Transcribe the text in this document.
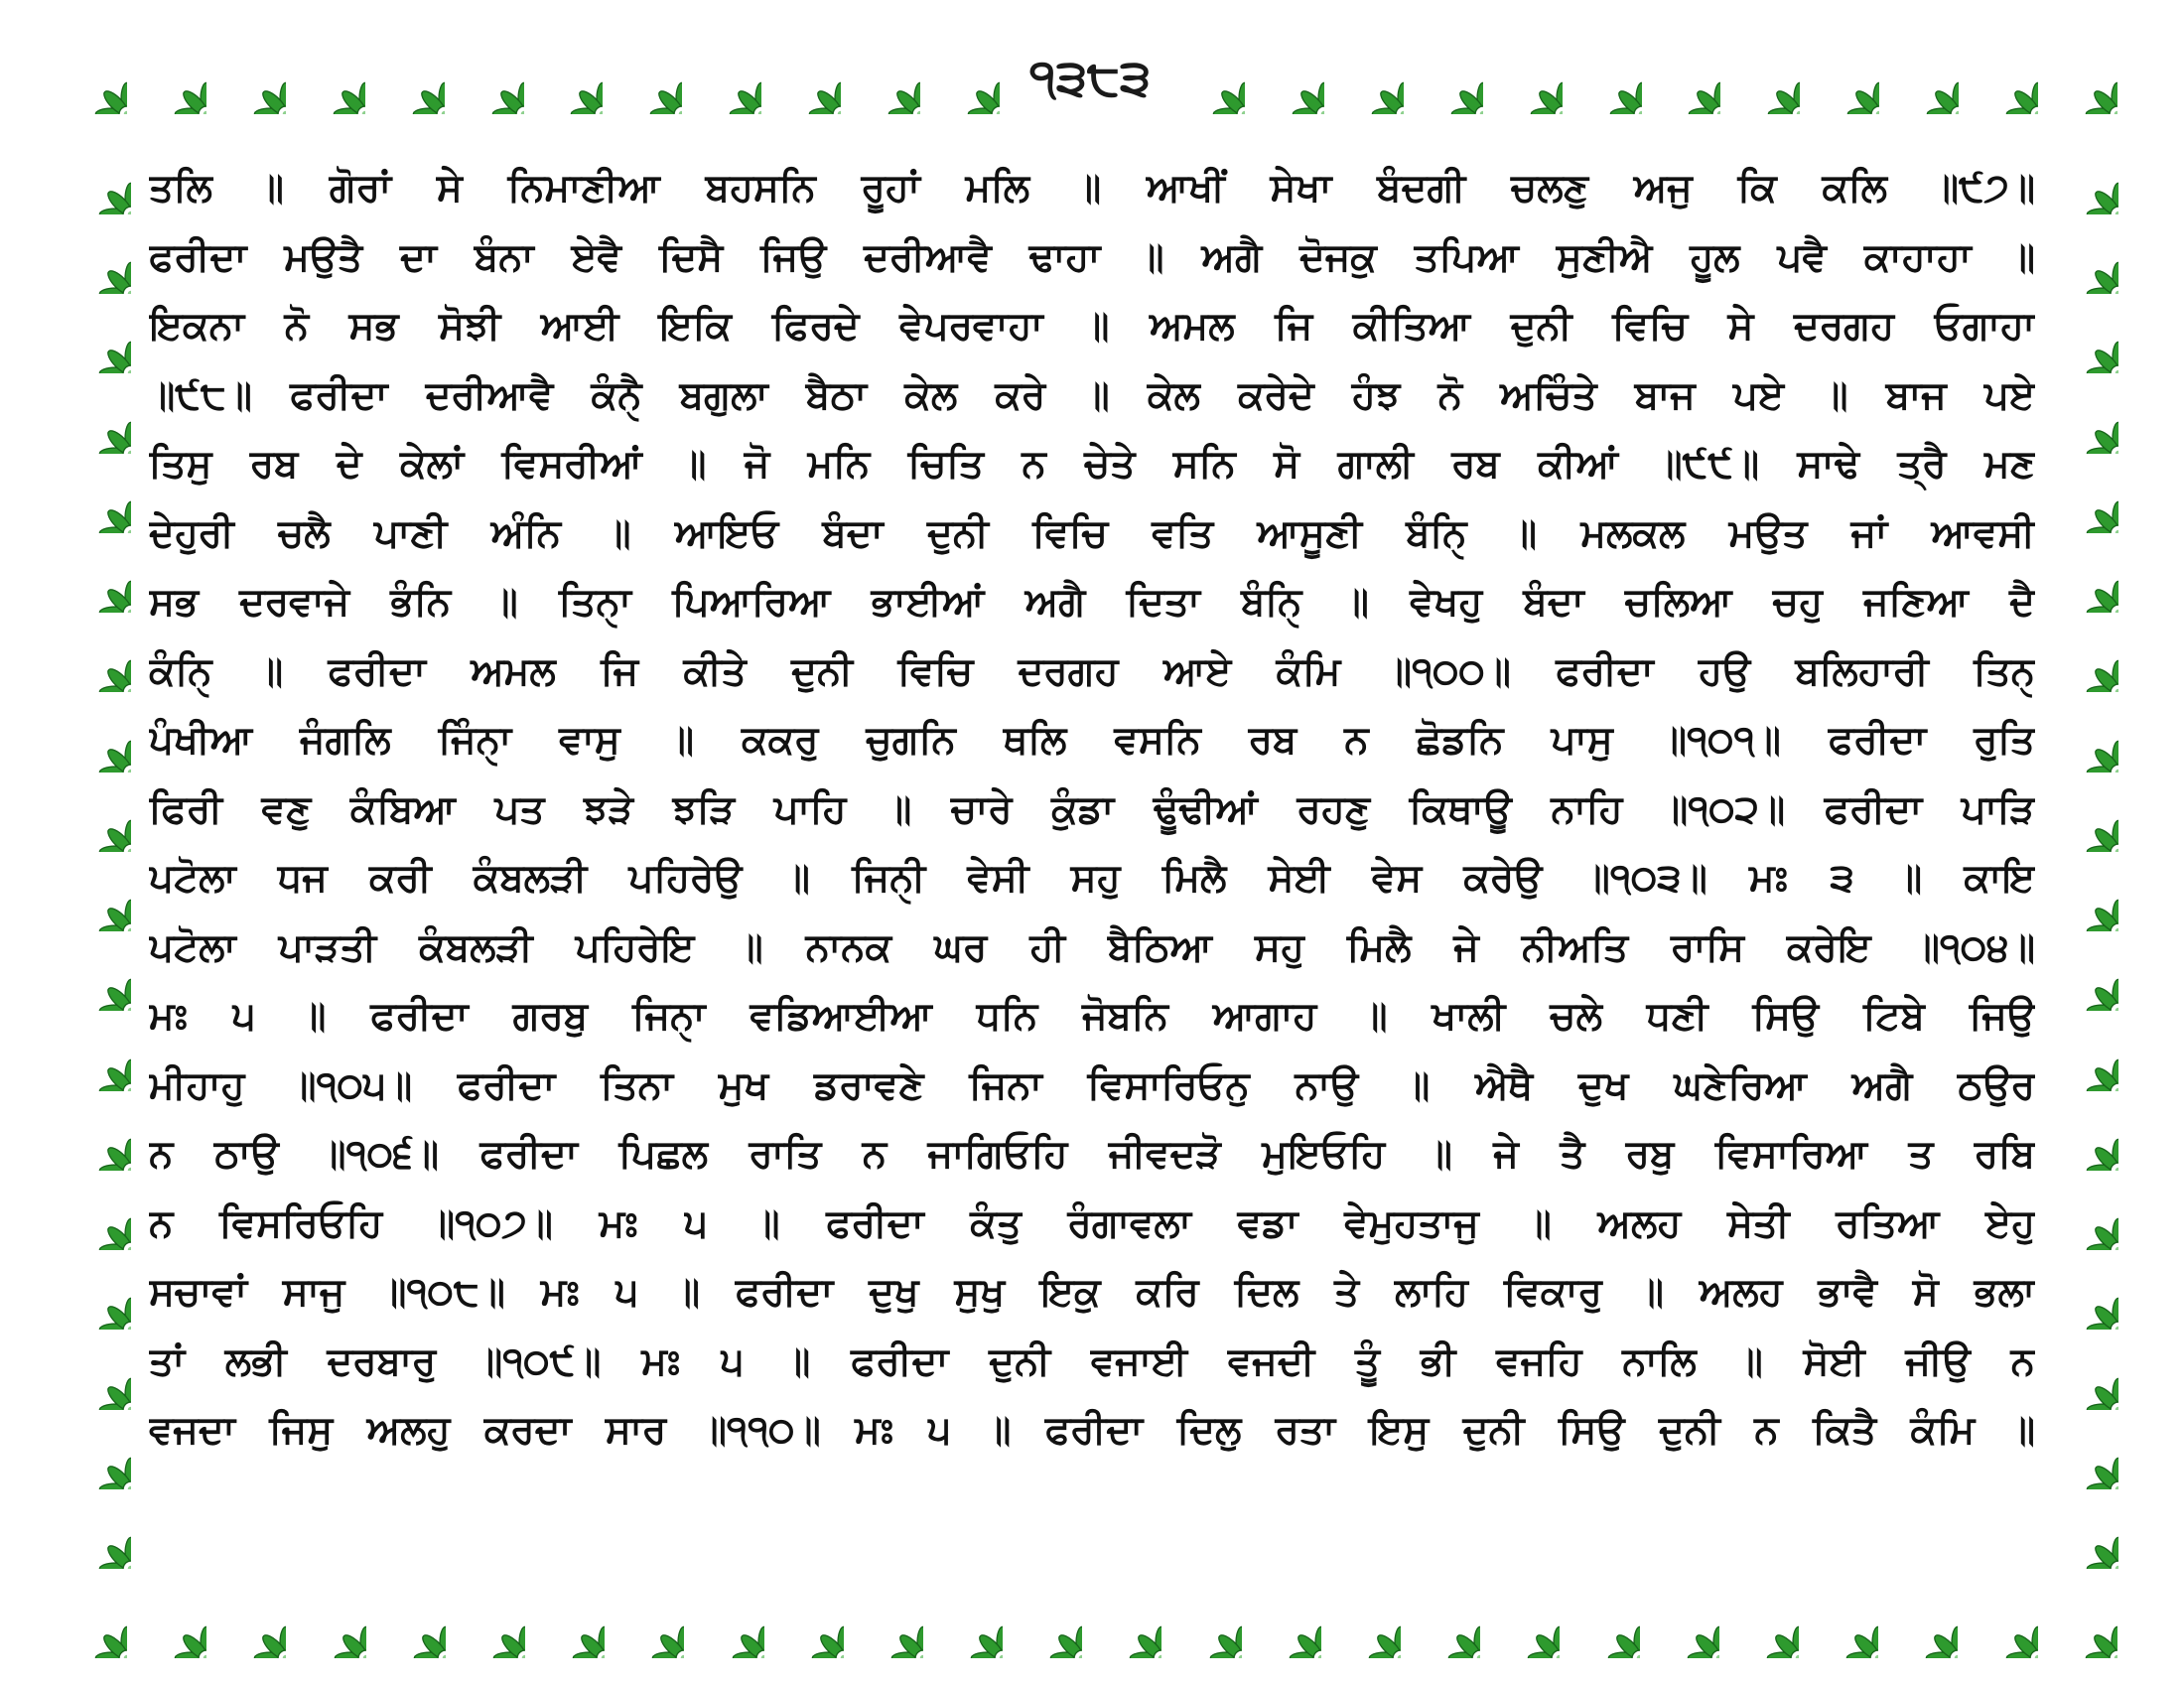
੧੩੮੩
ਤਲਿ ॥ ਗੋਰਾਂ ਸੇ ਨਿਮਾਣੀਆ ਬਹਸਨਿ ਰੂਹਾਂ ਮਲਿ ॥ ਆਖੀਂ ਸੇਖਾ ਬੰਦਗੀ ਚਲਣੁ ਅਜੁ ਕਿ ਕਲਿ ॥੯੭॥
ਫਰੀਦਾ ਮਉਤੈ ਦਾ ਬੰਨਾ ਏਵੈ ਦਿਸੈ ਜਿਉ ਦਰੀਆਵੈ ਢਾਹਾ ॥ ਅਗੈ ਦੋਜਕੁ ਤਪਿਆ ਸੁਣੀਐ ਹੂਲ ਪਵੈ ਕਾਹਾਹਾ ॥
ਇਕਨਾ ਨੋ ਸਭ ਸੋਝੀ ਆਈ ਇਕਿ ਫਿਰਦੇ ਵੇਪਰਵਾਹਾ ॥ ਅਮਲ ਜਿ ਕੀਤਿਆ ਦੁਨੀ ਵਿਚਿ ਸੇ ਦਰਗਹ ਓਗਾਹਾ
॥੯੮॥ ਫਰੀਦਾ ਦਰੀਆਵੈ ਕੰਨੑੈ ਬਗੁਲਾ ਬੈਠਾ ਕੇਲ ਕਰੇ ॥ ਕੇਲ ਕਰੇਦੇ ਹੰਝ ਨੋ ਅਚਿੰਤੇ ਬਾਜ ਪਏ ॥ ਬਾਜ ਪਏ
ਤਿਸੁ ਰਬ ਦੇ ਕੇਲਾਂ ਵਿਸਰੀਆਂ ॥ ਜੋ ਮਨਿ ਚਿਤਿ ਨ ਚੇਤੇ ਸਨਿ ਸੋ ਗਾਲੀ ਰਬ ਕੀਆਂ ॥੯੯॥ ਸਾਢੇ ਤ੍ਰੈ ਮਣ
ਦੇਹੁਰੀ ਚਲੈ ਪਾਣੀ ਅੰਨਿ ॥ ਆਇਓ ਬੰਦਾ ਦੁਨੀ ਵਿਚਿ ਵਤਿ ਆਸੂਣੀ ਬੰਨਿੑ ॥ ਮਲਕਲ ਮਉਤ ਜਾਂ ਆਵਸੀ
ਸਭ ਦਰਵਾਜੇ ਭੰਨਿ ॥ ਤਿਨੑਾ ਪਿਆਰਿਆ ਭਾਈਆਂ ਅਗੈ ਦਿਤਾ ਬੰਨਿੑ ॥ ਵੇਖਹੁ ਬੰਦਾ ਚਲਿਆ ਚਹੁ ਜਣਿਆ ਦੈ
ਕੰਨਿੑ ॥ ਫਰੀਦਾ ਅਮਲ ਜਿ ਕੀਤੇ ਦੁਨੀ ਵਿਚਿ ਦਰਗਹ ਆਏ ਕੰਮਿ ॥੧੦੦॥ ਫਰੀਦਾ ਹਉ ਬਲਿਹਾਰੀ ਤਿਨੑ
ਪੰਖੀਆ ਜੰਗਲਿ ਜਿੰਨੑਾ ਵਾਸੁ ॥ ਕਕਰੁ ਚੁਗਨਿ ਥਲਿ ਵਸਨਿ ਰਬ ਨ ਛੋਡਨਿ ਪਾਸੁ ॥੧੦੧॥ ਫਰੀਦਾ ਰੁਤਿ
ਫਿਰੀ ਵਣੁ ਕੰਬਿਆ ਪਤ ਝੜੇ ਝੜਿ ਪਾਹਿ ॥ ਚਾਰੇ ਕੁੰਡਾ ਢੂੰਢੀਆਂ ਰਹਣੁ ਕਿਥਾਊ ਨਾਹਿ ॥੧੦੨॥ ਫਰੀਦਾ ਪਾੜਿ
ਪਟੋਲਾ ਧਜ ਕਰੀ ਕੰਬਲੜੀ ਪਹਿਰੇਉ ॥ ਜਿਨੑੀ ਵੇਸੀ ਸਹੁ ਮਿਲੈ ਸੇਈ ਵੇਸ ਕਰੇਉ ॥੧੦੩॥ ਮਃ ੩ ॥ ਕਾਇ
ਪਟੋਲਾ ਪਾੜਤੀ ਕੰਬਲੜੀ ਪਹਿਰੇਇ ॥ ਨਾਨਕ ਘਰ ਹੀ ਬੈਠਿਆ ਸਹੁ ਮਿਲੈ ਜੇ ਨੀਅਤਿ ਰਾਸਿ ਕਰੇਇ ॥੧੦੪॥
ਮਃ ੫ ॥ ਫਰੀਦਾ ਗਰਬੁ ਜਿਨੑਾ ਵਡਿਆਈਆ ਧਨਿ ਜੋਬਨਿ ਆਗਾਹ ॥ ਖਾਲੀ ਚਲੇ ਧਣੀ ਸਿਉ ਟਿਬੇ ਜਿਉ
ਮੀਹਾਹੁ ॥੧੦੫॥ ਫਰੀਦਾ ਤਿਨਾ ਮੁਖ ਡਰਾਵਣੇ ਜਿਨਾ ਵਿਸਾਰਿਓਨੁ ਨਾਉ ॥ ਐਥੈ ਦੁਖ ਘਣੇਰਿਆ ਅਗੈ ਠਉਰ
ਨ ਠਾਉ ॥੧੦੬॥ ਫਰੀਦਾ ਪਿਛਲ ਰਾਤਿ ਨ ਜਾਗਿਓਹਿ ਜੀਵਦੜੋ ਮੁਇਓਹਿ ॥ ਜੇ ਤੈ ਰਬੁ ਵਿਸਾਰਿਆ ਤ ਰਬਿ
ਨ ਵਿਸਰਿਓਹਿ ॥੧੦੭॥ ਮਃ ੫ ॥ ਫਰੀਦਾ ਕੰਤੁ ਰੰਗਾਵਲਾ ਵਡਾ ਵੇਮੁਹਤਾਜੁ ॥ ਅਲਹ ਸੇਤੀ ਰਤਿਆ ਏਹੁ
ਸਚਾਵਾਂ ਸਾਜੁ ॥੧੦੮॥ ਮਃ ੫ ॥ ਫਰੀਦਾ ਦੁਖੁ ਸੁਖੁ ਇਕੁ ਕਰਿ ਦਿਲ ਤੇ ਲਾਹਿ ਵਿਕਾਰੁ ॥ ਅਲਹ ਭਾਵੈ ਸੋ ਭਲਾ
ਤਾਂ ਲਭੀ ਦਰਬਾਰੁ ॥੧੦੯॥ ਮਃ ੫ ॥ ਫਰੀਦਾ ਦੁਨੀ ਵਜਾਈ ਵਜਦੀ ਤੂੰ ਭੀ ਵਜਹਿ ਨਾਲਿ ॥ ਸੋਈ ਜੀਉ ਨ
ਵਜਦਾ ਜਿਸੁ ਅਲਹੁ ਕਰਦਾ ਸਾਰ ॥੧੧੦॥ ਮਃ ੫ ॥ ਫਰੀਦਾ ਦਿਲੁ ਰਤਾ ਇਸੁ ਦੁਨੀ ਸਿਉ ਦੁਨੀ ਨ ਕਿਤੈ ਕੰਮਿ ॥
